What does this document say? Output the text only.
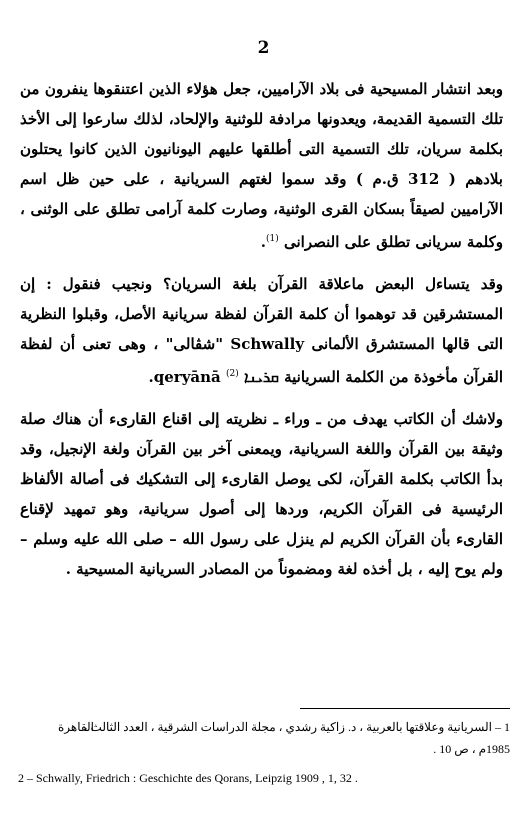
2

وبعد انتشار المسيحية فى بلاد الآراميين، جعل هؤلاء الذين اعتنقوها ينفرون من تلك التسمية القديمة، ويعدونها مرادفة للوثنية والإلحاد، لذلك سارعوا إلى الأخذ بكلمة سريان، تلك التسمية التى أطلقها عليهم اليونانيون الذين كانوا يحتلون بلادهم ( 312 ق.م ) وقد سموا لغتهم السريانية ، على حين ظل اسم الآراميين لصيقاً بسكان القرى الوثنية، وصارت كلمة آرامى تطلق على الوثنى ، وكلمة سريانى تطلق على النصرانى $^{(1)}$.

وقد يتساءل البعض ماعلاقة القرآن بلغة السريان؟ ونجيب فنقول : إن المستشرقين قد توهموا أن كلمة القرآن لفظة سريانية الأصل، وقبلوا النظرية التى قالها المستشرق الألمانى Schwally "شڤالى" ، وهى تعنى أن لفظة القرآن مأخوذة من الكلمة السريانية ܩܪܝܢܐ qeryānā $^{(2)}$.

ولاشك أن الكاتب يهدف من ـ وراء ـ نظريته إلى اقناع القارىء أن هناك صلة وثيقة بين القرآن واللغة السريانية، ويمعنى آخر بين القرآن ولغة الإنجيل، وقد بدأ الكاتب بكلمة القرآن، لكى يوصل القارىء إلى التشكيك فى أصالة الألفاظ الرئيسية فى القرآن الكريم، وردها إلى أصول سريانية، وهو تمهيد لإقناع القارىء بأن القرآن الكريم لم ينزل على رسول الله – صلى الله عليه وسلم – ولم يوح إليه ، بل أخذه لغة ومضموناً من المصادر السريانية المسيحية .

1 – السريانية وعلاقتها بالعربية ، د. زاكية رشدي ، مجلة الدراسات الشرقية ، العدد الثالث ،
القاهرة
1985م ، ص 10 .
2 – Schwally, Friedrich : Geschichte des Qorans, Leipzig 1909 , 1, 32 .
